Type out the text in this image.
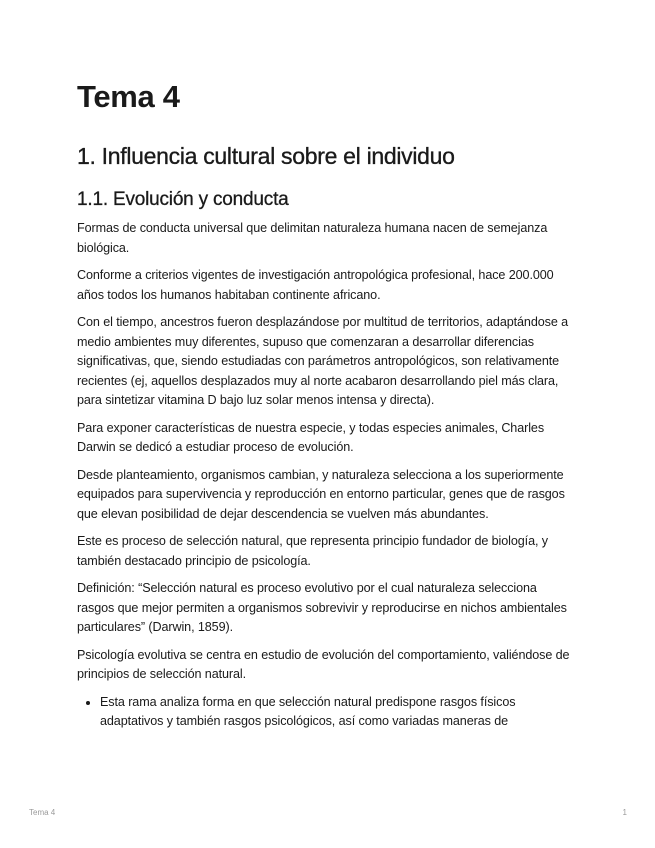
Tema 4
1. Influencia cultural sobre el individuo
1.1. Evolución y conducta

Formas de conducta universal que delimitan naturaleza humana nacen de semejanza biológica.

Conforme a criterios vigentes de investigación antropológica profesional, hace 200.000 años todos los humanos habitaban continente africano.

Con el tiempo, ancestros fueron desplazándose por multitud de territorios, adaptándose a medio ambientes muy diferentes, supuso que comenzaran a desarrollar diferencias significativas, que, siendo estudiadas con parámetros antropológicos, son relativamente recientes (ej, aquellos desplazados muy al norte acabaron desarrollando piel más clara, para sintetizar vitamina D bajo luz solar menos intensa y directa).

Para exponer características de nuestra especie, y todas especies animales, Charles Darwin se dedicó a estudiar proceso de evolución.

Desde planteamiento, organismos cambian, y naturaleza selecciona a los superiormente equipados para supervivencia y reproducción en entorno particular, genes que de rasgos que elevan posibilidad de dejar descendencia se vuelven más abundantes.

Este es proceso de selección natural, que representa principio fundador de biología, y también destacado principio de psicología.

Definición: “Selección natural es proceso evolutivo por el cual naturaleza selecciona rasgos que mejor permiten a organismos sobrevivir y reproducirse en nichos ambientales particulares” (Darwin, 1859).

Psicología evolutiva se centra en estudio de evolución del comportamiento, valiéndose de principios de selección natural.

• Esta rama analiza forma en que selección natural predispone rasgos físicos adaptativos y también rasgos psicológicos, así como variadas maneras de
Tema 4	1
